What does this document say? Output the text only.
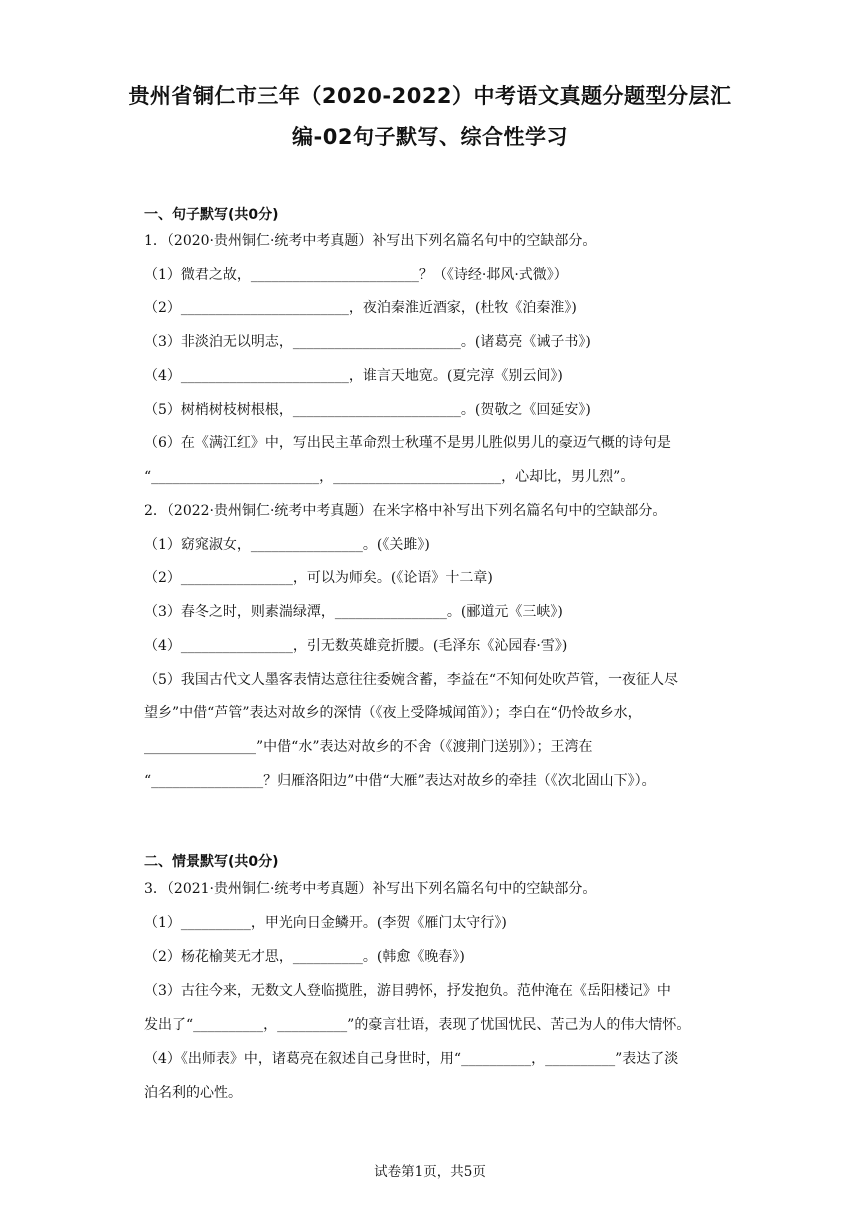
贵州省铜仁市三年（2020-2022）中考语文真题分题型分层汇
编-02句子默写、综合性学习
一、句子默写(共0分)
1．（2020·贵州铜仁·统考中考真题）补写出下列名篇名句中的空缺部分。
（1）微君之故，________________________？（《诗经·邶风·式微》）
（2）________________________，夜泊秦淮近酒家，(杜牧《泊秦淮》)
（3）非淡泊无以明志，________________________。(诸葛亮《诫子书》)
（4）________________________，谁言天地宽。(夏完淳《别云间》)
（5）树梢树枝树根根，________________________。(贺敬之《回延安》)
（6）在《满江红》中，写出民主革命烈士秋瑾不是男儿胜似男儿的豪迈气概的诗句是
“________________________，________________________，心却比，男儿烈”。
2．（2022·贵州铜仁·统考中考真题）在米字格中补写出下列名篇名句中的空缺部分。
（1）窈窕淑女，________________。(《关雎》)
（2）________________，可以为师矣。(《论语》十二章)
（3）春冬之时，则素湍绿潭，________________。(郦道元《三峡》)
（4）________________，引无数英雄竞折腰。(毛泽东《沁园春·雪》)
（5）我国古代文人墨客表情达意往往委婉含蓄，李益在“不知何处吹芦管，一夜征人尽
望乡”中借“芦管”表达对故乡的深情（《夜上受降城闻笛》）；李白在“仍怜故乡水，
________________”中借“水”表达对故乡的不舍（《渡荆门送别》）；王湾在
“________________？归雁洛阳边”中借“大雁”表达对故乡的牵挂（《次北固山下》）。
二、情景默写(共0分)
3．（2021·贵州铜仁·统考中考真题）补写出下列名篇名句中的空缺部分。
（1）__________，甲光向日金鳞开。(李贺《雁门太守行》)
（2）杨花榆荚无才思，__________。(韩愈《晚春》)
（3）古往今来，无数文人登临揽胜，游目骋怀，抒发抱负。范仲淹在《岳阳楼记》中
发出了“__________，__________”的豪言壮语，表现了忧国忧民、苦己为人的伟大情怀。
（4）《出师表》中，诸葛亮在叙述自己身世时，用“__________，__________”表达了淡
泊名利的心性。
试卷第1页，共5页
